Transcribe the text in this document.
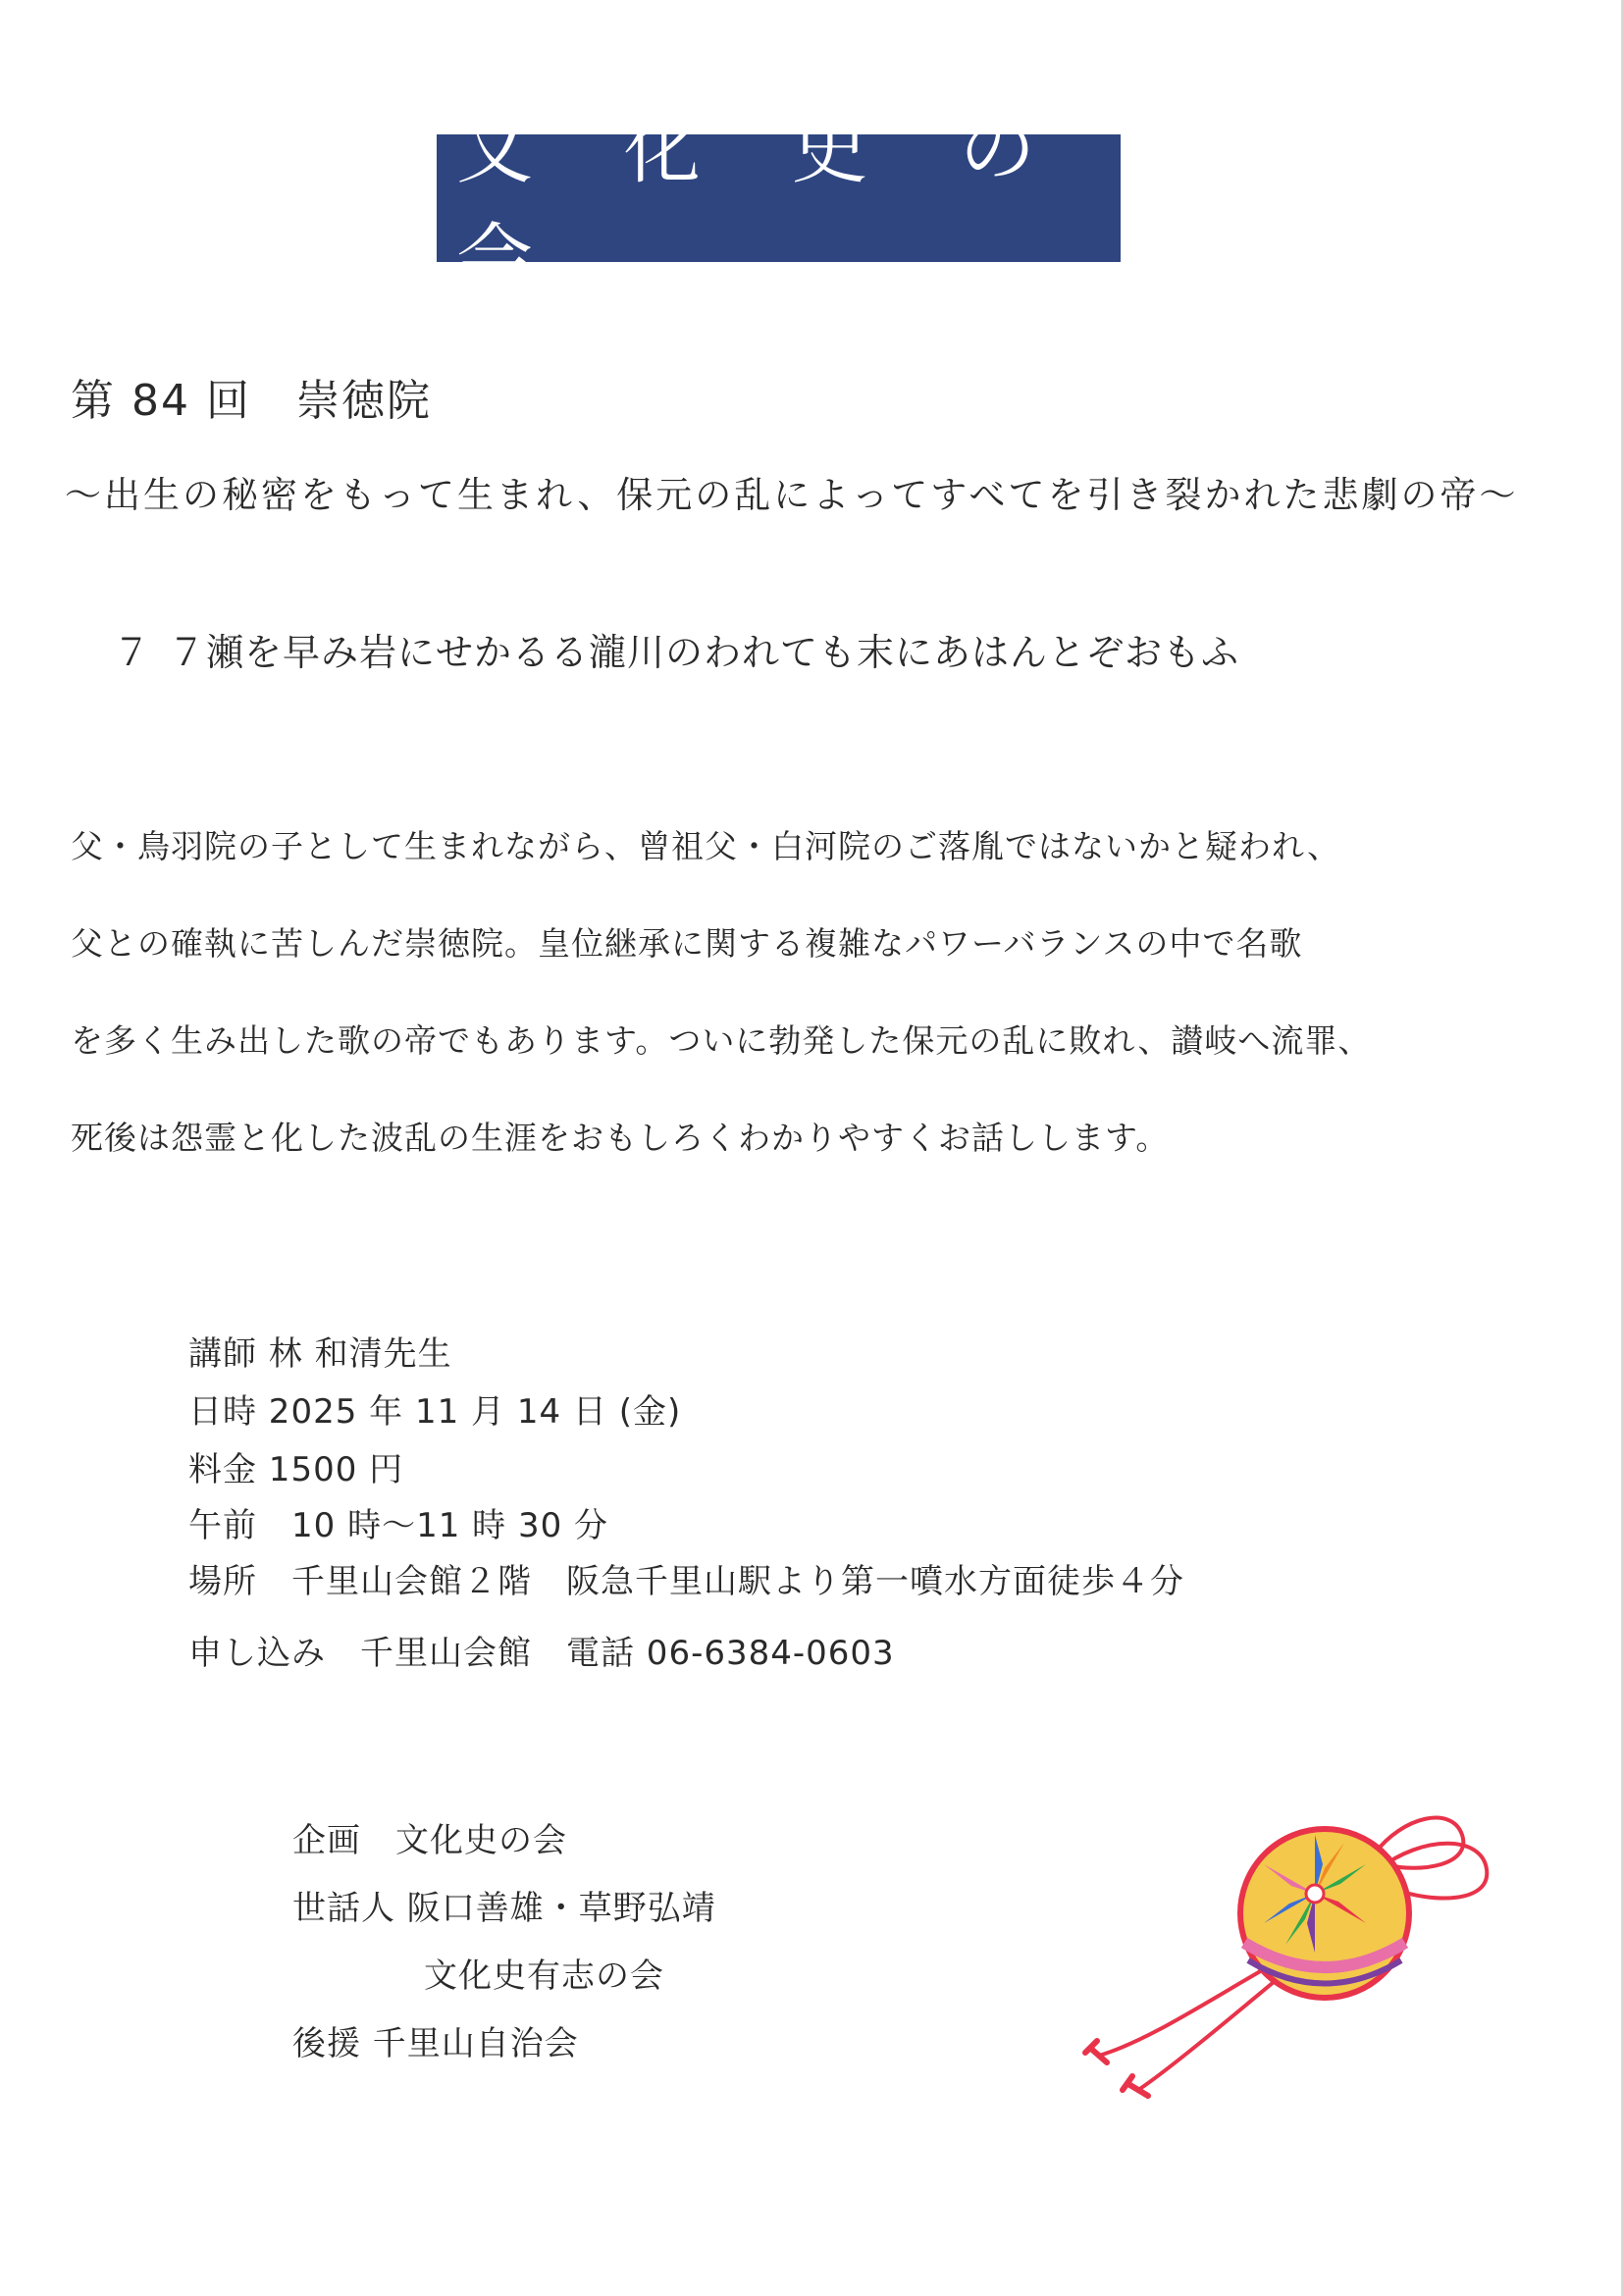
文 化 史 の 会
第 84 回　崇徳院
～出生の秘密をもって生まれ、保元の乱によってすべてを引き裂かれた悲劇の帝～
７７
瀬を早み岩にせかるる瀧川のわれても末にあはんとぞおもふ
父・鳥羽院の子として生まれながら、曾祖父・白河院のご落胤ではないかと疑われ、
父との確執に苦しんだ崇徳院。皇位継承に関する複雑なパワーバランスの中で名歌
を多く生み出した歌の帝でもあります。ついに勃発した保元の乱に敗れ、讃岐へ流罪、
死後は怨霊と化した波乱の生涯をおもしろくわかりやすくお話しします。
講師 林 和清先生
日時 2025 年 11 月 14 日 (金)
料金 1500 円
午前　10 時～11 時 30 分
場所　千里山会館２階　阪急千里山駅より第一噴水方面徒歩４分
申し込み　千里山会館　電話 06-6384-0603
企画　文化史の会
世話人 阪口善雄・草野弘靖
文化史有志の会
後援 千里山自治会
